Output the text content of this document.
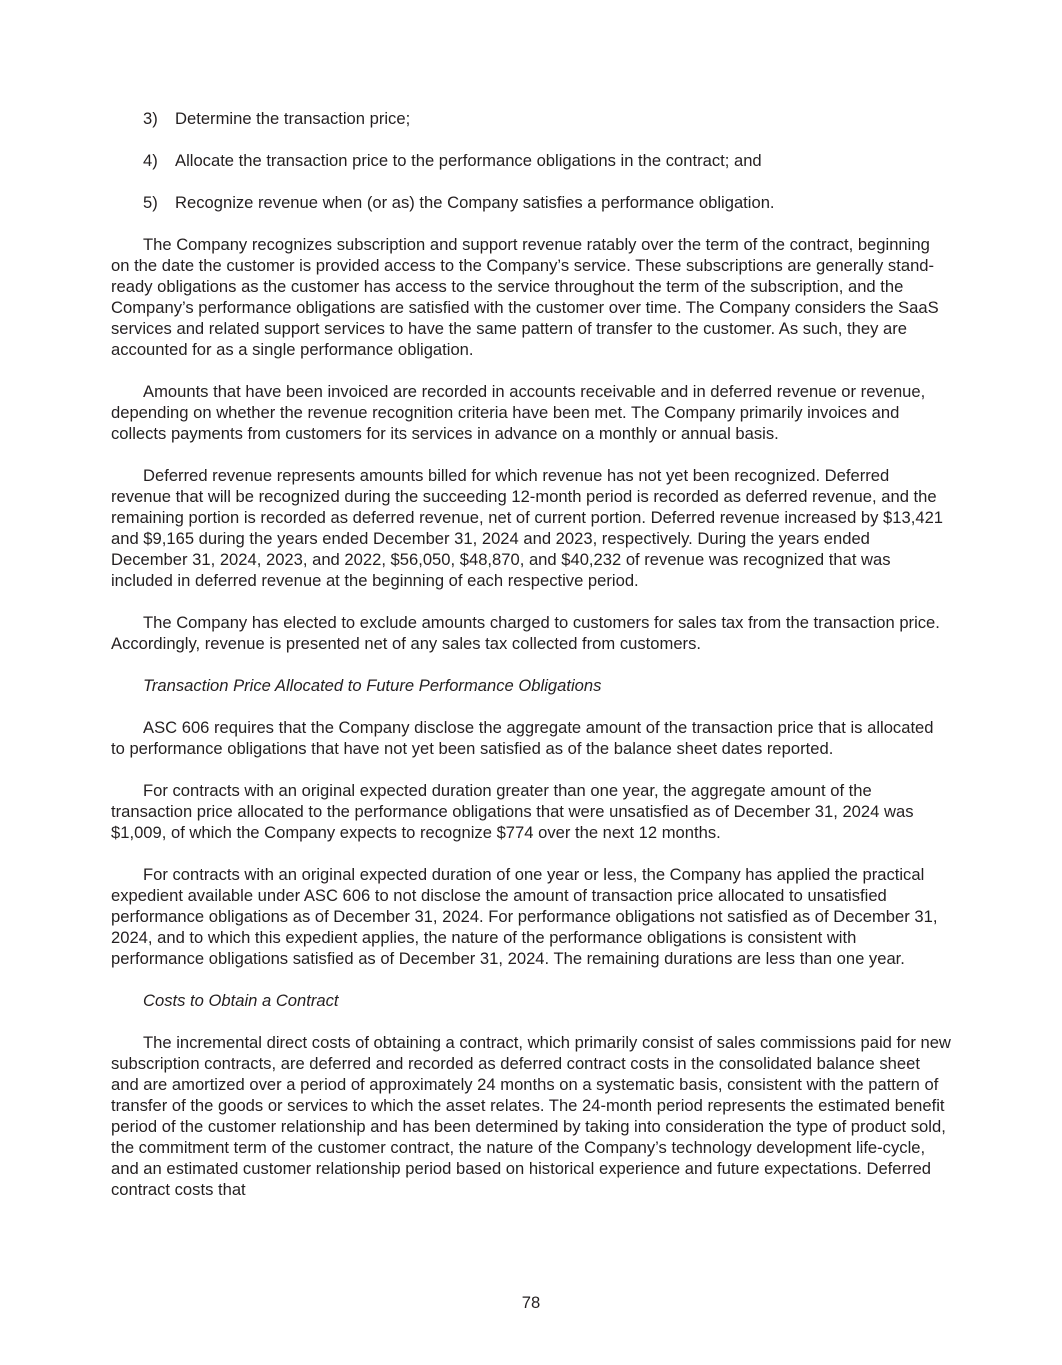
3)	Determine the transaction price;
4)	Allocate the transaction price to the performance obligations in the contract; and
5)	Recognize revenue when (or as) the Company satisfies a performance obligation.

The Company recognizes subscription and support revenue ratably over the term of the contract, beginning on the date the customer is provided access to the Company’s service. These subscriptions are generally stand-ready obligations as the customer has access to the service throughout the term of the subscription, and the Company’s performance obligations are satisfied with the customer over time. The Company considers the SaaS services and related support services to have the same pattern of transfer to the customer. As such, they are accounted for as a single performance obligation.

Amounts that have been invoiced are recorded in accounts receivable and in deferred revenue or revenue, depending on whether the revenue recognition criteria have been met. The Company primarily invoices and collects payments from customers for its services in advance on a monthly or annual basis.

Deferred revenue represents amounts billed for which revenue has not yet been recognized. Deferred revenue that will be recognized during the succeeding 12-month period is recorded as deferred revenue, and the remaining portion is recorded as deferred revenue, net of current portion. Deferred revenue increased by $13,421 and $9,165 during the years ended December 31, 2024 and 2023, respectively. During the years ended December 31, 2024, 2023, and 2022, $56,050, $48,870, and $40,232 of revenue was recognized that was included in deferred revenue at the beginning of each respective period.

The Company has elected to exclude amounts charged to customers for sales tax from the transaction price. Accordingly, revenue is presented net of any sales tax collected from customers.

Transaction Price Allocated to Future Performance Obligations

ASC 606 requires that the Company disclose the aggregate amount of the transaction price that is allocated to performance obligations that have not yet been satisfied as of the balance sheet dates reported.

For contracts with an original expected duration greater than one year, the aggregate amount of the transaction price allocated to the performance obligations that were unsatisfied as of December 31, 2024 was $1,009, of which the Company expects to recognize $774 over the next 12 months.

For contracts with an original expected duration of one year or less, the Company has applied the practical expedient available under ASC 606 to not disclose the amount of transaction price allocated to unsatisfied performance obligations as of December 31, 2024. For performance obligations not satisfied as of December 31, 2024, and to which this expedient applies, the nature of the performance obligations is consistent with performance obligations satisfied as of December 31, 2024. The remaining durations are less than one year.

Costs to Obtain a Contract

The incremental direct costs of obtaining a contract, which primarily consist of sales commissions paid for new subscription contracts, are deferred and recorded as deferred contract costs in the consolidated balance sheet and are amortized over a period of approximately 24 months on a systematic basis, consistent with the pattern of transfer of the goods or services to which the asset relates. The 24-month period represents the estimated benefit period of the customer relationship and has been determined by taking into consideration the type of product sold, the commitment term of the customer contract, the nature of the Company’s technology development life-cycle, and an estimated customer relationship period based on historical experience and future expectations. Deferred contract costs that

78
